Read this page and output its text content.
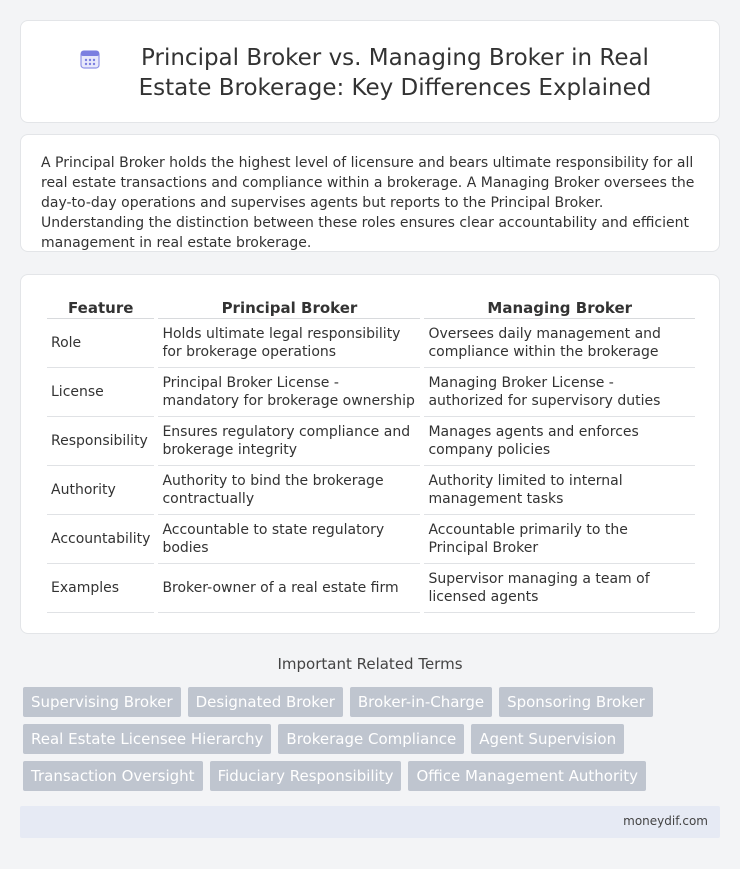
Principal Broker vs. Managing Broker in Real Estate Brokerage: Key Differences Explained

A Principal Broker holds the highest level of licensure and bears ultimate responsibility for all real estate transactions and compliance within a brokerage. A Managing Broker oversees the day-to-day operations and supervises agents but reports to the Principal Broker. Understanding the distinction between these roles ensures clear accountability and efficient management in real estate brokerage.

Feature	Principal Broker	Managing Broker
Role	Holds ultimate legal responsibility for brokerage operations	Oversees daily management and compliance within the brokerage
License	Principal Broker License - mandatory for brokerage ownership	Managing Broker License - authorized for supervisory duties
Responsibility	Ensures regulatory compliance and brokerage integrity	Manages agents and enforces company policies
Authority	Authority to bind the brokerage contractually	Authority limited to internal management tasks
Accountability	Accountable to state regulatory bodies	Accountable primarily to the Principal Broker
Examples	Broker-owner of a real estate firm	Supervisor managing a team of licensed agents
Important Related Terms
Supervising Broker	Designated Broker	Broker-in-Charge	Sponsoring Broker
Real Estate Licensee Hierarchy	Brokerage Compliance	Agent Supervision
Transaction Oversight	Fiduciary Responsibility	Office Management Authority
moneydif.com
